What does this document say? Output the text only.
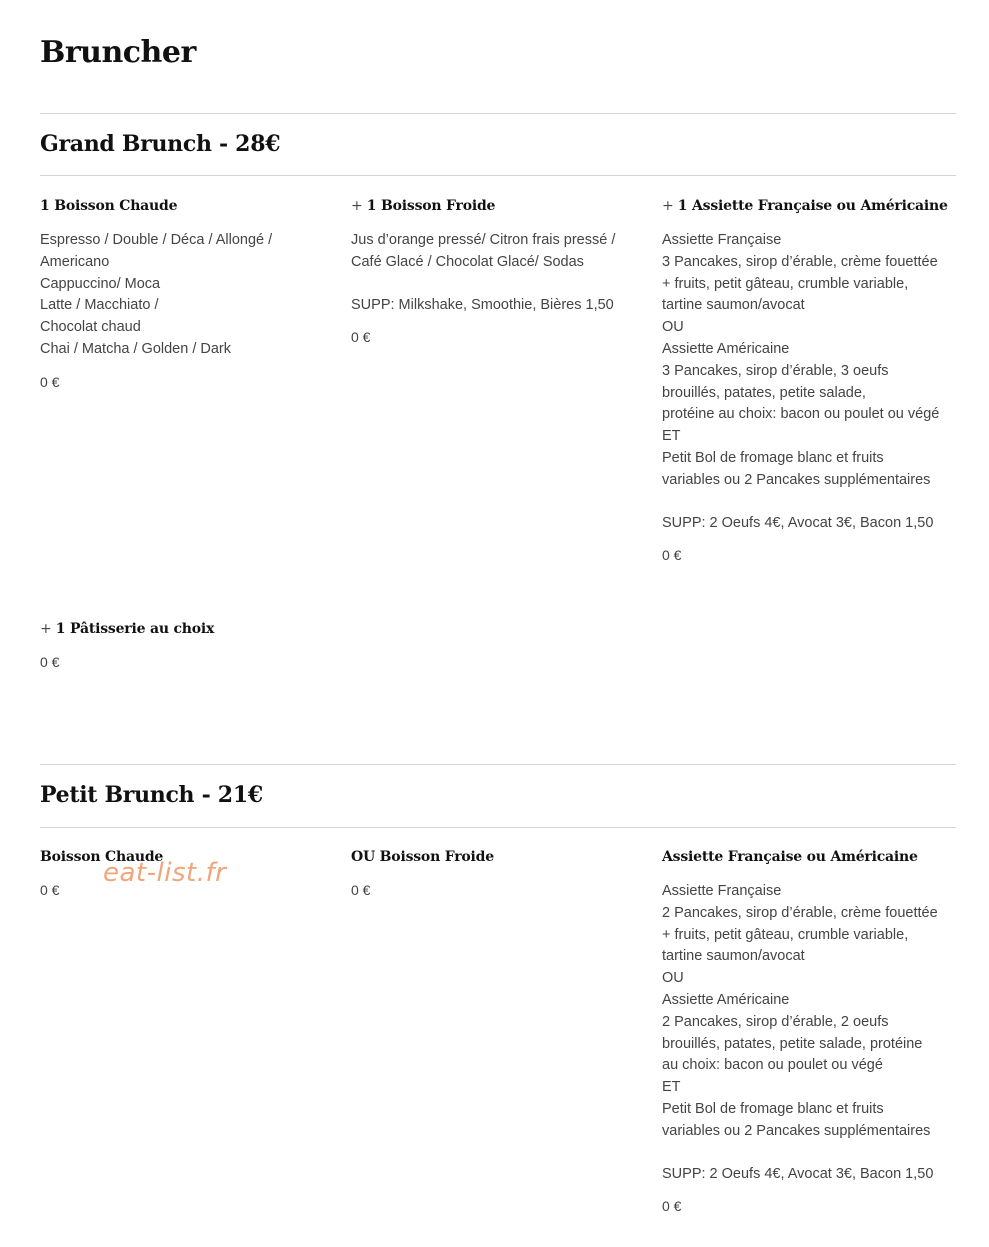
Bruncher
Grand Brunch - 28€
1 Boisson Chaude
Espresso / Double / Déca / Allongé /
Americano
Cappuccino/ Moca
Latte / Macchiato /
Chocolat chaud
Chai / Matcha / Golden / Dark
0 €
+ 1 Boisson Froide
Jus d’orange pressé/ Citron frais pressé /
Café Glacé / Chocolat Glacé/ Sodas
SUPP: Milkshake, Smoothie, Bières 1,50
0 €
+ 1 Assiette Française ou Américaine
Assiette Française
3 Pancakes, sirop d’érable, crème fouettée
+ fruits, petit gâteau, crumble variable,
tartine saumon/avocat
OU
Assiette Américaine
3 Pancakes, sirop d’érable, 3 oeufs
brouillés, patates, petite salade,
protéine au choix: bacon ou poulet ou végé
ET
Petit Bol de fromage blanc et fruits
variables ou 2 Pancakes supplémentaires
SUPP: 2 Oeufs 4€, Avocat 3€, Bacon 1,50
0 €
+ 1 Pâtisserie au choix
0 €
Petit Brunch - 21€
Boisson Chaude
0 €
OU Boisson Froide
0 €
Assiette Française ou Américaine
Assiette Française
2 Pancakes, sirop d’érable, crème fouettée
+ fruits, petit gâteau, crumble variable,
tartine saumon/avocat
OU
Assiette Américaine
2 Pancakes, sirop d’érable, 2 oeufs
brouillés, patates, petite salade, protéine
au choix: bacon ou poulet ou végé
ET
Petit Bol de fromage blanc et fruits
variables ou 2 Pancakes supplémentaires
SUPP: 2 Oeufs 4€, Avocat 3€, Bacon 1,50
0 €
eat-list.fr
